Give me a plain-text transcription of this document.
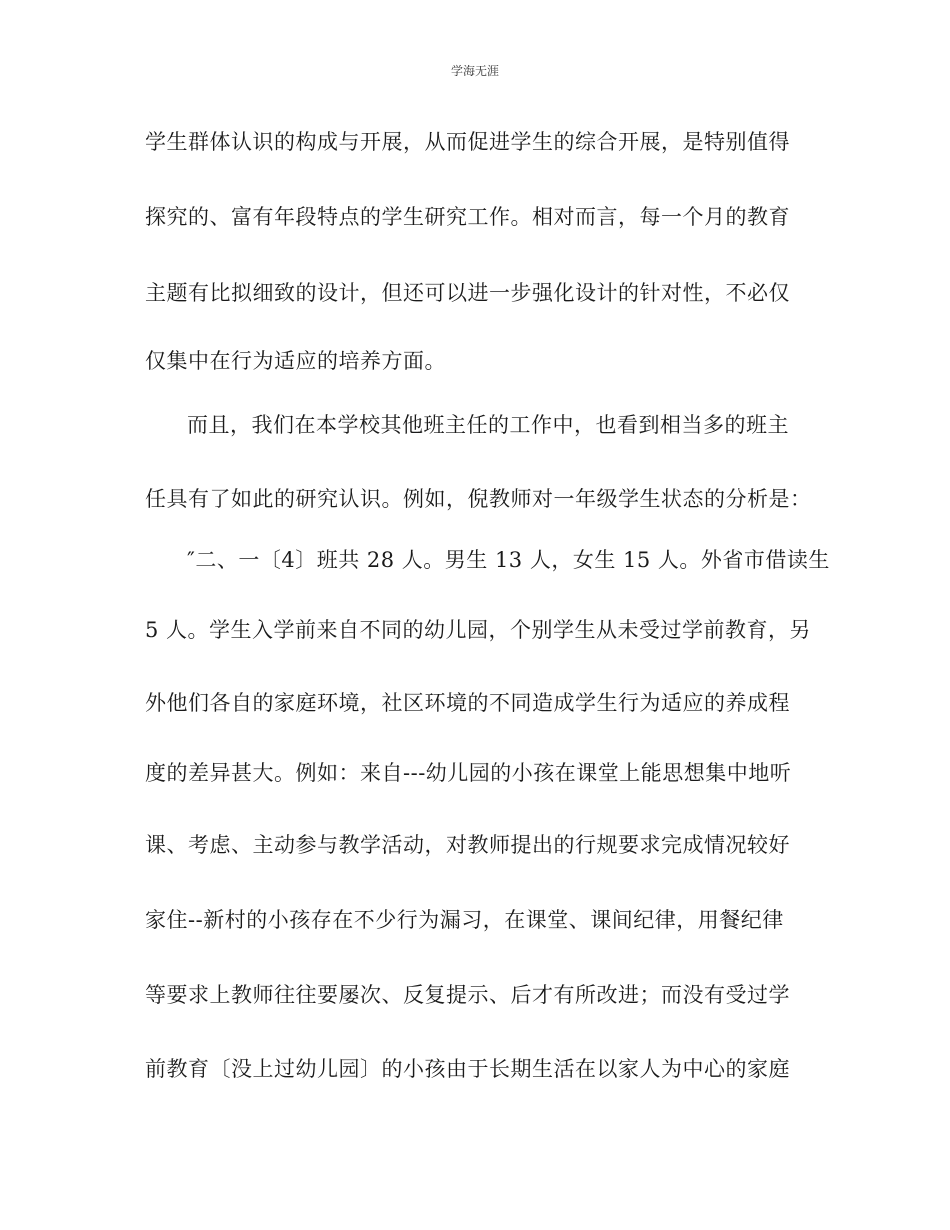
学海无涯
学生群体认识的构成与开展，从而促进学生的综合开展，是特别值得
探究的、富有年段特点的学生研究工作。相对而言，每一个月的教育
主题有比拟细致的设计，但还可以进一步强化设计的针对性，不必仅
仅集中在行为适应的培养方面。
而且，我们在本学校其他班主任的工作中，也看到相当多的班主
任具有了如此的研究认识。例如，倪教师对一年级学生状态的分析是：
″二、一〔4〕班共 28 人。男生 13 人，女生 15 人。外省市借读生
5 人。学生入学前来自不同的幼儿园，个别学生从未受过学前教育，另
外他们各自的家庭环境，社区环境的不同造成学生行为适应的养成程
度的差异甚大。例如：来自---幼儿园的小孩在课堂上能思想集中地听
课、考虑、主动参与教学活动，对教师提出的行规要求完成情况较好
家住--新村的小孩存在不少行为漏习，在课堂、课间纪律，用餐纪律
等要求上教师往往要屡次、反复提示、后才有所改进；而没有受过学
前教育〔没上过幼儿园〕的小孩由于长期生活在以家人为中心的家庭
